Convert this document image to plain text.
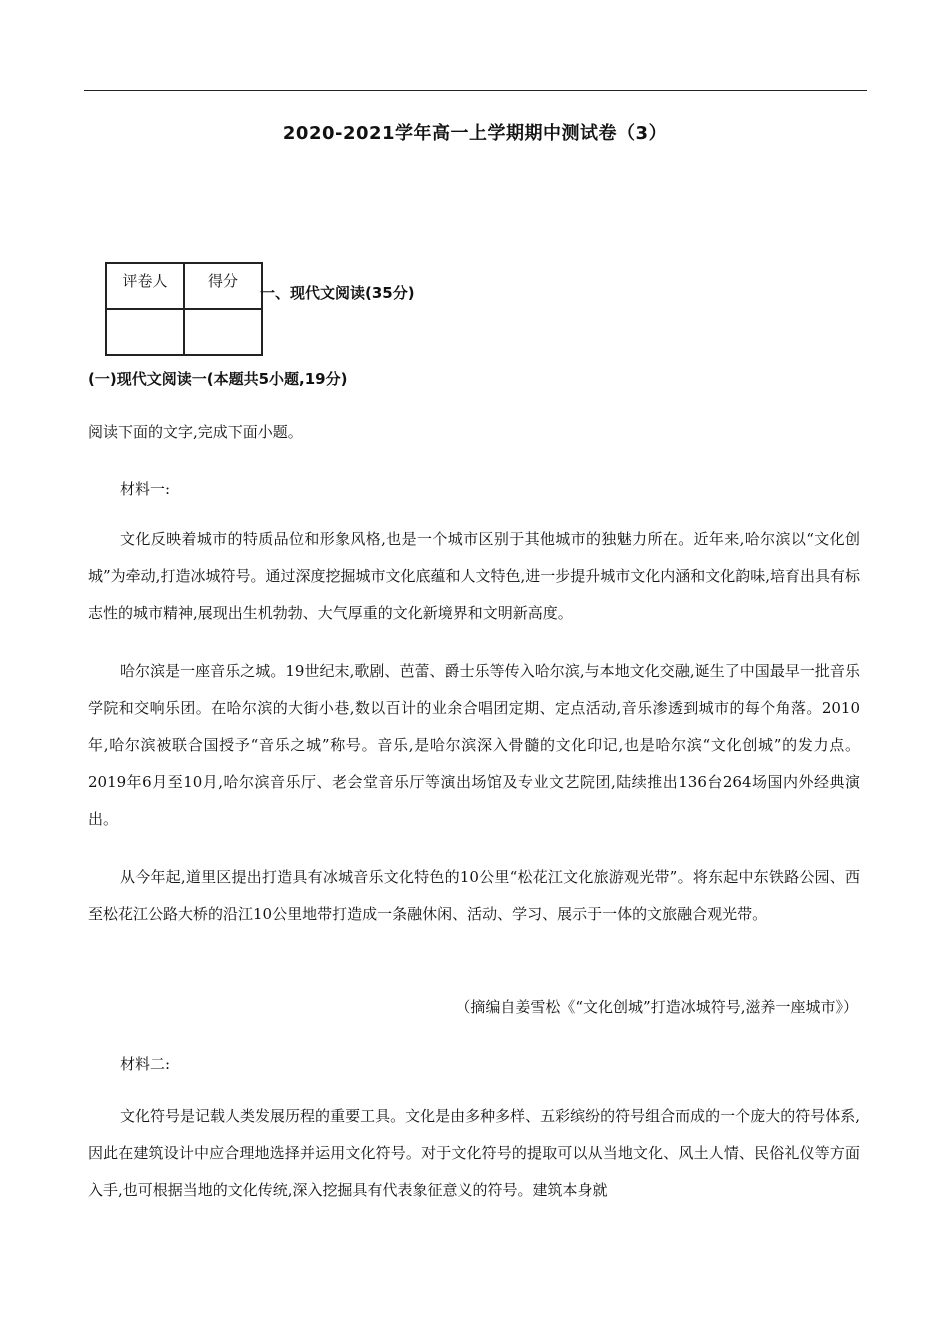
2020-2021学年高一上学期期中测试卷（3）
评卷人	得分

一、现代文阅读(35分)
(一)现代文阅读一(本题共5小题,19分)

阅读下面的文字,完成下面小题。

材料一:

文化反映着城市的特质品位和形象风格,也是一个城市区别于其他城市的独魅力所在。近年来,哈尔滨以“文化创城”为牵动,打造冰城符号。通过深度挖掘城市文化底蕴和人文特色,进一步提升城市文化内涵和文化韵味,培育出具有标志性的城市精神,展现出生机勃勃、大气厚重的文化新境界和文明新高度。

哈尔滨是一座音乐之城。19世纪末,歌剧、芭蕾、爵士乐等传入哈尔滨,与本地文化交融,诞生了中国最早一批音乐学院和交响乐团。在哈尔滨的大街小巷,数以百计的业余合唱团定期、定点活动,音乐渗透到城市的每个角落。2010年,哈尔滨被联合国授予“音乐之城”称号。音乐,是哈尔滨深入骨髓的文化印记,也是哈尔滨“文化创城”的发力点。2019年6月至10月,哈尔滨音乐厅、老会堂音乐厅等演出场馆及专业文艺院团,陆续推出136台264场国内外经典演出。

从今年起,道里区提出打造具有冰城音乐文化特色的10公里“松花江文化旅游观光带”。将东起中东铁路公园、西至松花江公路大桥的沿江10公里地带打造成一条融休闲、活动、学习、展示于一体的文旅融合观光带。

（摘编自姜雪松《“文化创城”打造冰城符号,滋养一座城市》）
材料二:

文化符号是记载人类发展历程的重要工具。文化是由多种多样、五彩缤纷的符号组合而成的一个庞大的符号体系,因此在建筑设计中应合理地选择并运用文化符号。对于文化符号的提取可以从当地文化、风土人情、民俗礼仪等方面入手,也可根据当地的文化传统,深入挖掘具有代表象征意义的符号。建筑本身就
